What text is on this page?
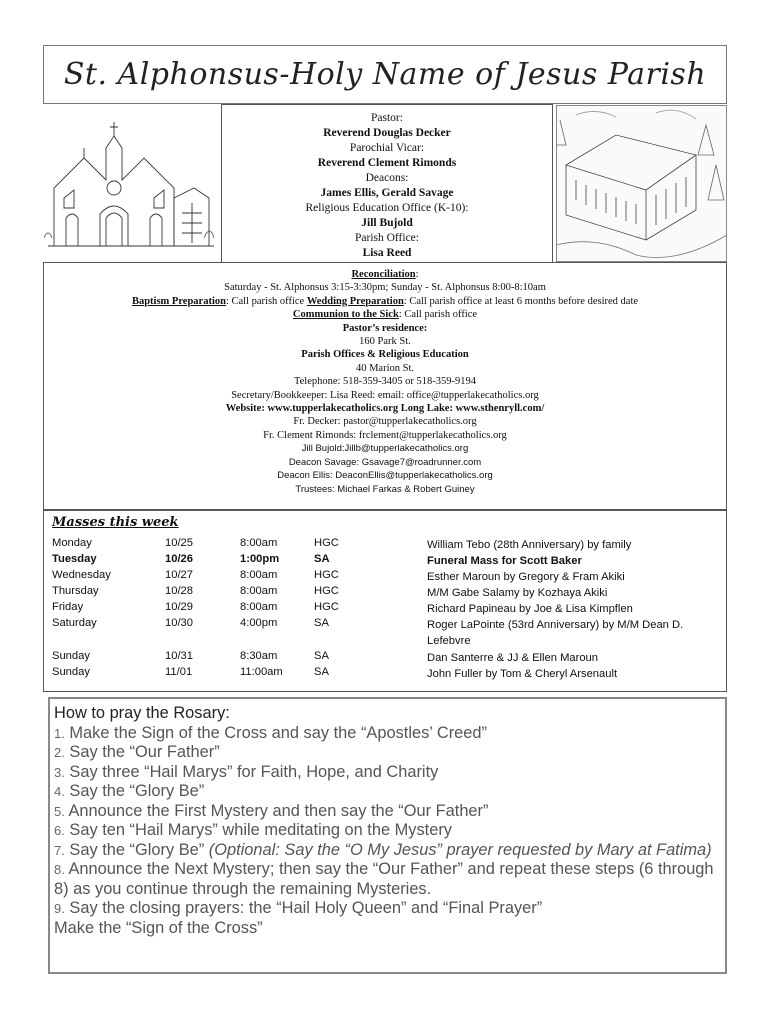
St. Alphonsus-Holy Name of Jesus Parish
Pastor:
Reverend Douglas Decker
Parochial Vicar:
Reverend Clement Rimonds
Deacons:
James Ellis, Gerald Savage
Religious Education Office (K-10):
Jill Bujold
Parish Office:
Lisa Reed
Reconciliation:
Saturday - St. Alphonsus 3:15-3:30pm; Sunday - St. Alphonsus 8:00-8:10am
Baptism Preparation: Call parish office Wedding Preparation: Call parish office at least 6 months before desired date
Communion to the Sick: Call parish office
Pastor’s residence:
160 Park St.
Parish Offices & Religious Education
40 Marion St.
Telephone: 518-359-3405 or 518-359-9194
Secretary/Bookkeeper: Lisa Reed: email: office@tupperlakecatholics.org
Website: www.tupperlakecatholics.org Long Lake: www.sthenryll.com/
Fr. Decker: pastor@tupperlakecatholics.org
Fr. Clement Rimonds: frclement@tupperlakecatholics.org
Jill Bujold:Jillb@tupperlakecatholics.org
Deacon Savage: Gsavage7@roadrunner.com
Deacon Ellis: DeaconEllis@tupperlakecatholics.org
Trustees: Michael Farkas & Robert Guiney
Masses this week
Monday	10/25	8:00am	HGC	William Tebo (28th Anniversary) by family
Tuesday	10/26	1:00pm	SA	Funeral Mass for Scott Baker
Wednesday	10/27	8:00am	HGC	Esther Maroun by Gregory & Fram Akiki
Thursday	10/28	8:00am	HGC	M/M Gabe Salamy by Kozhaya Akiki
Friday	10/29	8:00am	HGC	Richard Papineau by Joe & Lisa Kimpflen
Saturday	10/30	4:00pm	SA	Roger LaPointe (53rd Anniversary) by M/M Dean D. Lefebvre
Sunday	10/31	8:30am	SA	Dan Santerre & JJ & Ellen Maroun
Sunday	11/01	11:00am	SA	John Fuller by Tom & Cheryl Arsenault
How to pray the Rosary:
1. Make the Sign of the Cross and say the “Apostles’ Creed”
2. Say the “Our Father”
3. Say three “Hail Marys” for Faith, Hope, and Charity
4. Say the “Glory Be”
5. Announce the First Mystery and then say the “Our Father”
6. Say ten “Hail Marys” while meditating on the Mystery
7. Say the “Glory Be” (Optional: Say the “O My Jesus” prayer requested by Mary at Fatima)
8. Announce the Next Mystery; then say the “Our Father” and repeat these steps (6 through 8) as you continue through the remaining Mysteries.
9. Say the closing prayers: the “Hail Holy Queen” and “Final Prayer”
Make the “Sign of the Cross”
